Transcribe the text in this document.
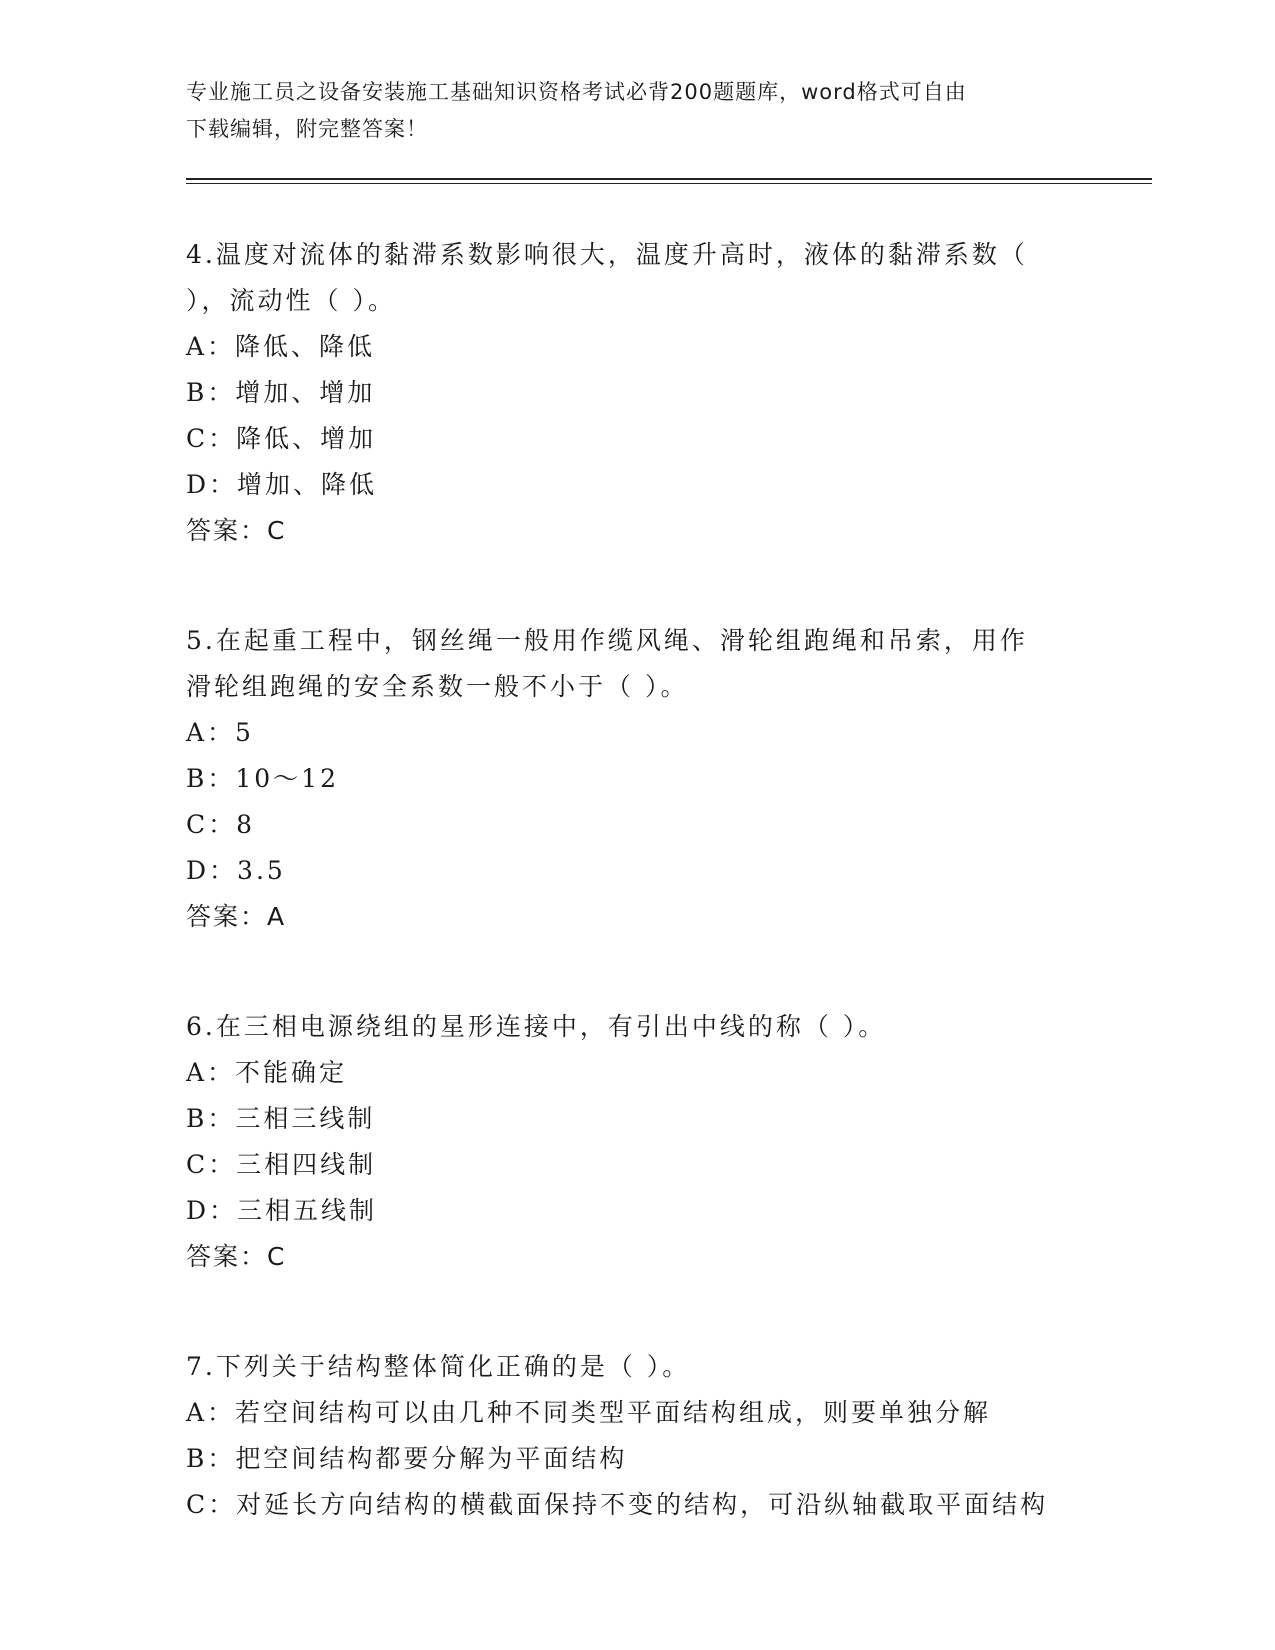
专业施工员之设备安装施工基础知识资格考试必背200题题库，word格式可自由
下载编辑，附完整答案！
4.温度对流体的黏滞系数影响很大，温度升高时，液体的黏滞系数（
），流动性（ ）。
A：降低、降低
B：增加、增加
C：降低、增加
D：增加、降低
答案：C
5.在起重工程中，钢丝绳一般用作缆风绳、滑轮组跑绳和吊索，用作
滑轮组跑绳的安全系数一般不小于（ ）。
A：5
B：10～12
C：8
D：3.5
答案：A
6.在三相电源绕组的星形连接中，有引出中线的称（ ）。
A：不能确定
B：三相三线制
C：三相四线制
D：三相五线制
答案：C
7.下列关于结构整体简化正确的是（ ）。
A：若空间结构可以由几种不同类型平面结构组成，则要单独分解
B：把空间结构都要分解为平面结构
C：对延长方向结构的横截面保持不变的结构，可沿纵轴截取平面结构
